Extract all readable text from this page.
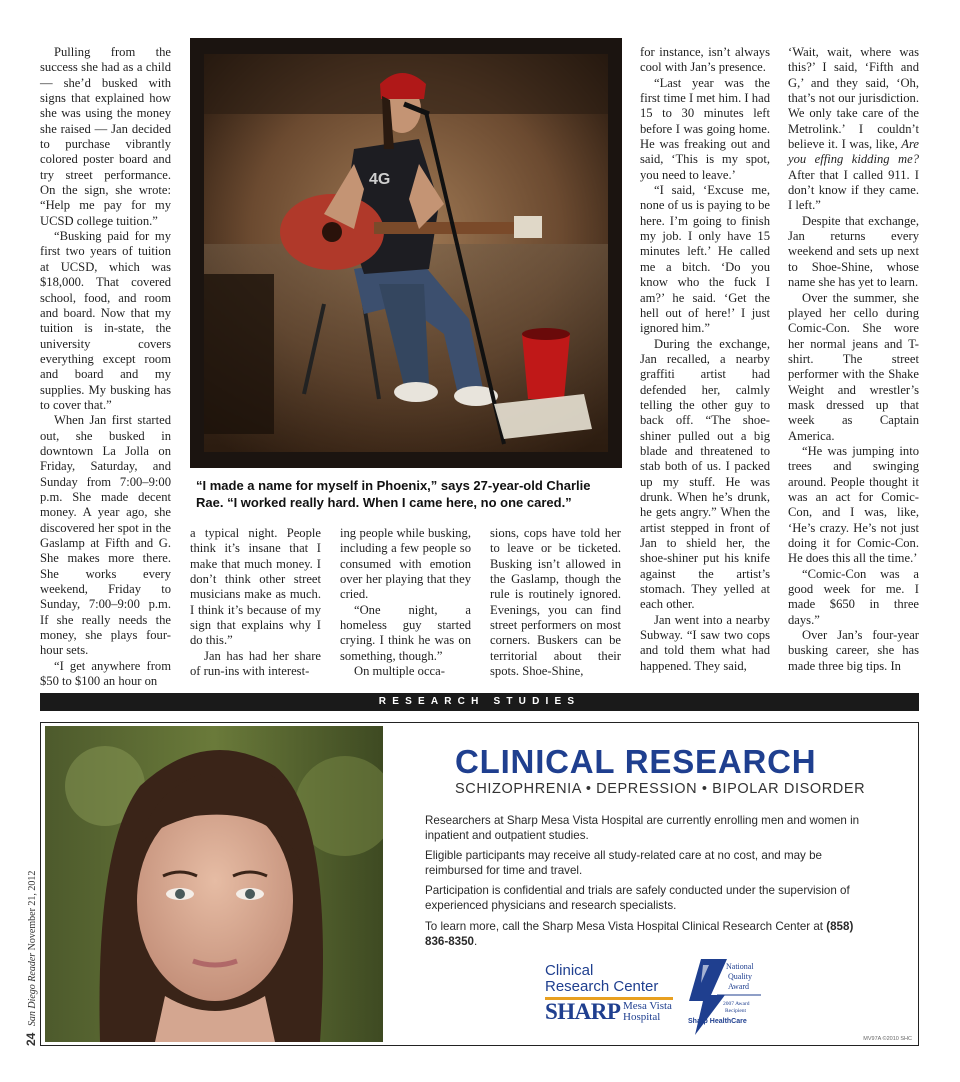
Pulling from the success she had as a child — she’d busked with signs that explained how she was using the money she raised — Jan decided to purchase vibrantly colored poster board and try street performance. On the sign, she wrote: “Help me pay for my UCSD college tuition.”

“Busking paid for my first two years of tuition at UCSD, which was $18,000. That covered school, food, and room and board. Now that my tuition is in-state, the university covers everything except room and board and my supplies. My busking has to cover that.”

When Jan first started out, she busked in downtown La Jolla on Friday, Saturday, and Sunday from 7:00–9:00 p.m. She made decent money. A year ago, she discovered her spot in the Gaslamp at Fifth and G. She makes more there. She works every weekend, Friday to Sunday, 7:00–9:00 p.m. If she really needs the money, she plays four-hour sets.

“I get anywhere from $50 to $100 an hour on

4G
“I made a name for myself in Phoenix,” says 27-year-old Charlie Rae. “I worked really hard. When I came here, no one cared.”

a typical night. People think it’s insane that I make that much money. I don’t think other street musicians make as much. I think it’s because of my sign that explains why I do this.”

Jan has had her share of run-ins with interest-

ing people while busking, including a few people so consumed with emotion over her playing that they cried.

“One night, a homeless guy started crying. I think he was on something, though.”

On multiple occa-

sions, cops have told her to leave or be ticketed. Busking isn’t allowed in the Gaslamp, though the rule is routinely ignored. Evenings, you can find street performers on most corners. Buskers can be territorial about their spots. Shoe-Shine,

for instance, isn’t always cool with Jan’s presence.

“Last year was the first time I met him. I had 15 to 30 minutes left before I was going home. He was freaking out and said, ‘This is my spot, you need to leave.’

“I said, ‘Excuse me, none of us is paying to be here. I’m going to finish my job. I only have 15 minutes left.’ He called me a bitch. ‘Do you know who the fuck I am?’ he said. ‘Get the hell out of here!’ I just ignored him.”

During the exchange, Jan recalled, a nearby graffiti artist had defended her, calmly telling the other guy to back off. “The shoe-shiner pulled out a big blade and threatened to stab both of us. I packed up my stuff. He was drunk. When he’s drunk, he gets angry.” When the artist stepped in front of Jan to shield her, the shoe-shiner put his knife against the artist’s stomach. They yelled at each other.

Jan went into a nearby Subway. “I saw two cops and told them what had happened. They said,

‘Wait, wait, where was this?’ I said, ‘Fifth and G,’ and they said, ‘Oh, that’s not our jurisdiction. We only take care of the Metrolink.’ I couldn’t believe it. I was, like, Are you effing kidding me? After that I called 911. I don’t know if they came. I left.”

Despite that exchange, Jan returns every weekend and sets up next to Shoe-Shine, whose name she has yet to learn.

Over the summer, she played her cello during Comic-Con. She wore her normal jeans and T-shirt. The street performer with the Shake Weight and wrestler’s mask dressed up that week as Captain America.

“He was jumping into trees and swinging around. People thought it was an act for Comic-Con, and I was, like, ‘He’s crazy. He’s not just doing it for Comic-Con. He does this all the time.’

“Comic-Con was a good week for me. I made $650 in three days.”

Over Jan’s four-year busking career, she has made three big tips. In

RESEARCH STUDIES
CLINICAL RESEARCH
SCHIZOPHRENIA • DEPRESSION • BIPOLAR DISORDER
Researchers at Sharp Mesa Vista Hospital are currently enrolling men and women in inpatient and outpatient studies.
Eligible participants may receive all study-related care at no cost, and may be reimbursed for time and travel.
Participation is confidential and trials are safely conducted under the supervision of experienced physicians and research specialists.
To learn more, call the Sharp Mesa Vista Hospital Clinical Research Center at (858) 836-8350.
Clinical
Research Center
SHARP Mesa Vista
Hospital
National
Quality
Award
2007 Award
Recipient
Sharp HealthCare
MV97A ©2010 SHC
24 San Diego Reader November 21, 2012
